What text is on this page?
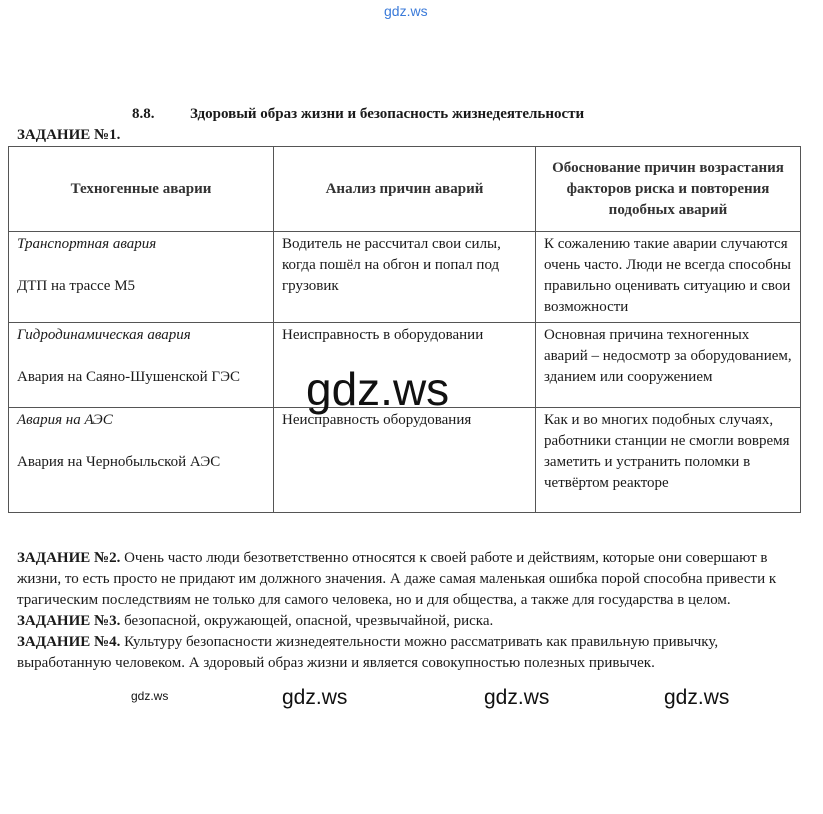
gdz.ws
8.8. Здоровый образ жизни и безопасность жизнедеятельности
ЗАДАНИЕ №1.
Техногенные аварии	Анализ причин аварий	Обоснование причин возрастания факторов риска и повторения подобных аварий

Транспортная авария
ДТП на трассе М5	Водитель не рассчитал свои силы, когда пошёл на обгон и попал под грузовик	К сожалению такие аварии случаются очень часто. Люди не всегда способны правильно оценивать ситуацию и свои возможности

Гидродинамическая авария
Авария на Саяно-Шушенской ГЭС	Неисправность в оборудовании	Основная причина техногенных аварий – недосмотр за оборудованием, зданием или сооружением

Авария на АЭС
Авария на Чернобыльской АЭС	Неисправность оборудования	Как и во многих подобных случаях, работники станции не смогли вовремя заметить и устранить поломки в четвёртом реакторе
gdz.ws

ЗАДАНИЕ №2. Очень часто люди безответственно относятся к своей работе и действиям, которые они совершают в жизни, то есть просто не придают им должного значения. А даже самая маленькая ошибка порой способна привести к трагическим последствиям не только для самого человека, но и для общества, а также для государства в целом.

ЗАДАНИЕ №3. безопасной, окружающей, опасной, чрезвычайной, риска.

ЗАДАНИЕ №4. Культуру безопасности жизнедеятельности можно рассматривать как правильную привычку, выработанную человеком. А здоровый образ жизни и является совокупностью полезных привычек.

gdz.ws	gdz.ws	gdz.ws	gdz.ws
